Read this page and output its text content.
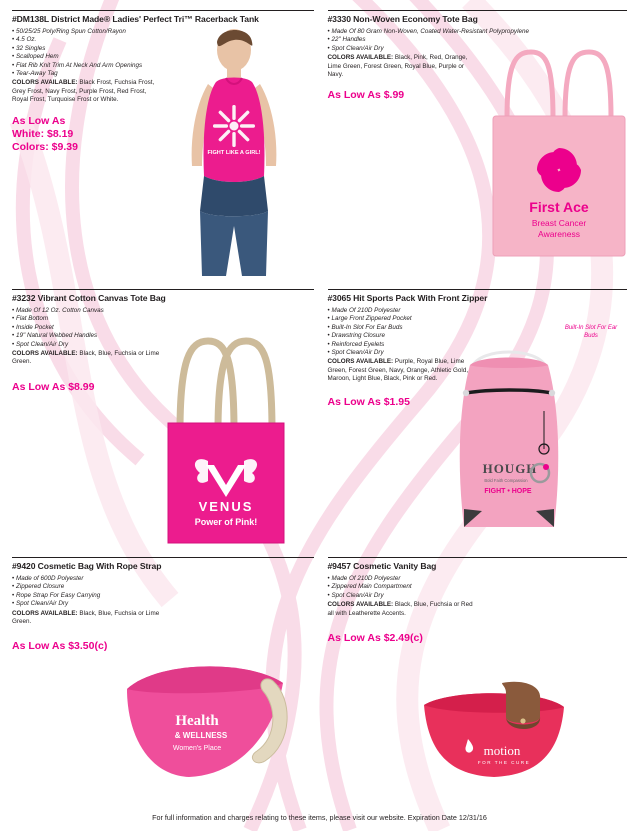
#DM138L District Made® Ladies' Perfect Tri™ Racerback Tank
• 50/25/25 Poly/Ring Spun Cotton/Rayon
• 4.5 Oz.
• 32 Singles
• Scalloped Hem
• Flat Rib Knit Trim At Neck And Arm Openings
• Tear-Away Tag
COLORS AVAILABLE: Black Frost, Fuchsia Frost, Grey Frost, Navy Frost, Purple Frost, Red Frost, Royal Frost, Turquoise Frost or White.
As Low As
White: $8.19
Colors: $9.39
FIGHT LIKE A GIRL!
#3330 Non-Woven Economy Tote Bag
• Made Of 80 Gram Non-Woven, Coated Water-Resistant Polypropylene
• 22" Handles
• Spot Clean/Air Dry
COLORS AVAILABLE: Black, Pink, Red, Orange, Lime Green, Forest Green, Royal Blue, Purple or Navy.
As Low As $.99
First Ace
Breast Cancer
Awareness
#3232 Vibrant Cotton Canvas Tote Bag
• Made Of 12 Oz. Cotton Canvas
• Flat Bottom
• Inside Pocket
• 19" Natural Webbed Handles
• Spot Clean/Air Dry
COLORS AVAILABLE: Black, Blue, Fuchsia or Lime Green.
As Low As $8.99
VENUS
Power of Pink!
#3065 Hit Sports Pack With Front Zipper
• Made Of 210D Polyester
• Large Front Zippered Pocket
• Built-In Slot For Ear Buds
• Drawstring Closure
• Reinforced Eyelets
• Spot Clean/Air Dry
COLORS AVAILABLE: Purple, Royal Blue, Lime Green, Forest Green, Navy, Orange, Athletic Gold, Maroon, Light Blue, Black, Pink or Red.
As Low As $1.95
Built-In Slot For Ear Buds
HOUGH
Bold Faith Compassion
FIGHT • HOPE
#9420 Cosmetic Bag With Rope Strap
• Made of 600D Polyester
• Zippered Closure
• Rope Strap For Easy Carrying
• Spot Clean/Air Dry
COLORS AVAILABLE: Black, Blue, Fuchsia or Lime Green.
As Low As $3.50(c)
Health
& WELLNESS
Women's Place
#9457 Cosmetic Vanity Bag
• Made Of 210D Polyester
• Zippered Main Compartment
• Spot Clean/Air Dry
COLORS AVAILABLE: Black, Blue, Fuchsia or Red all with Leatherette Accents.
As Low As $2.49(c)
motion
FOR THE CURE
For full information and charges relating to these items, please visit our website. Expiration Date 12/31/16
